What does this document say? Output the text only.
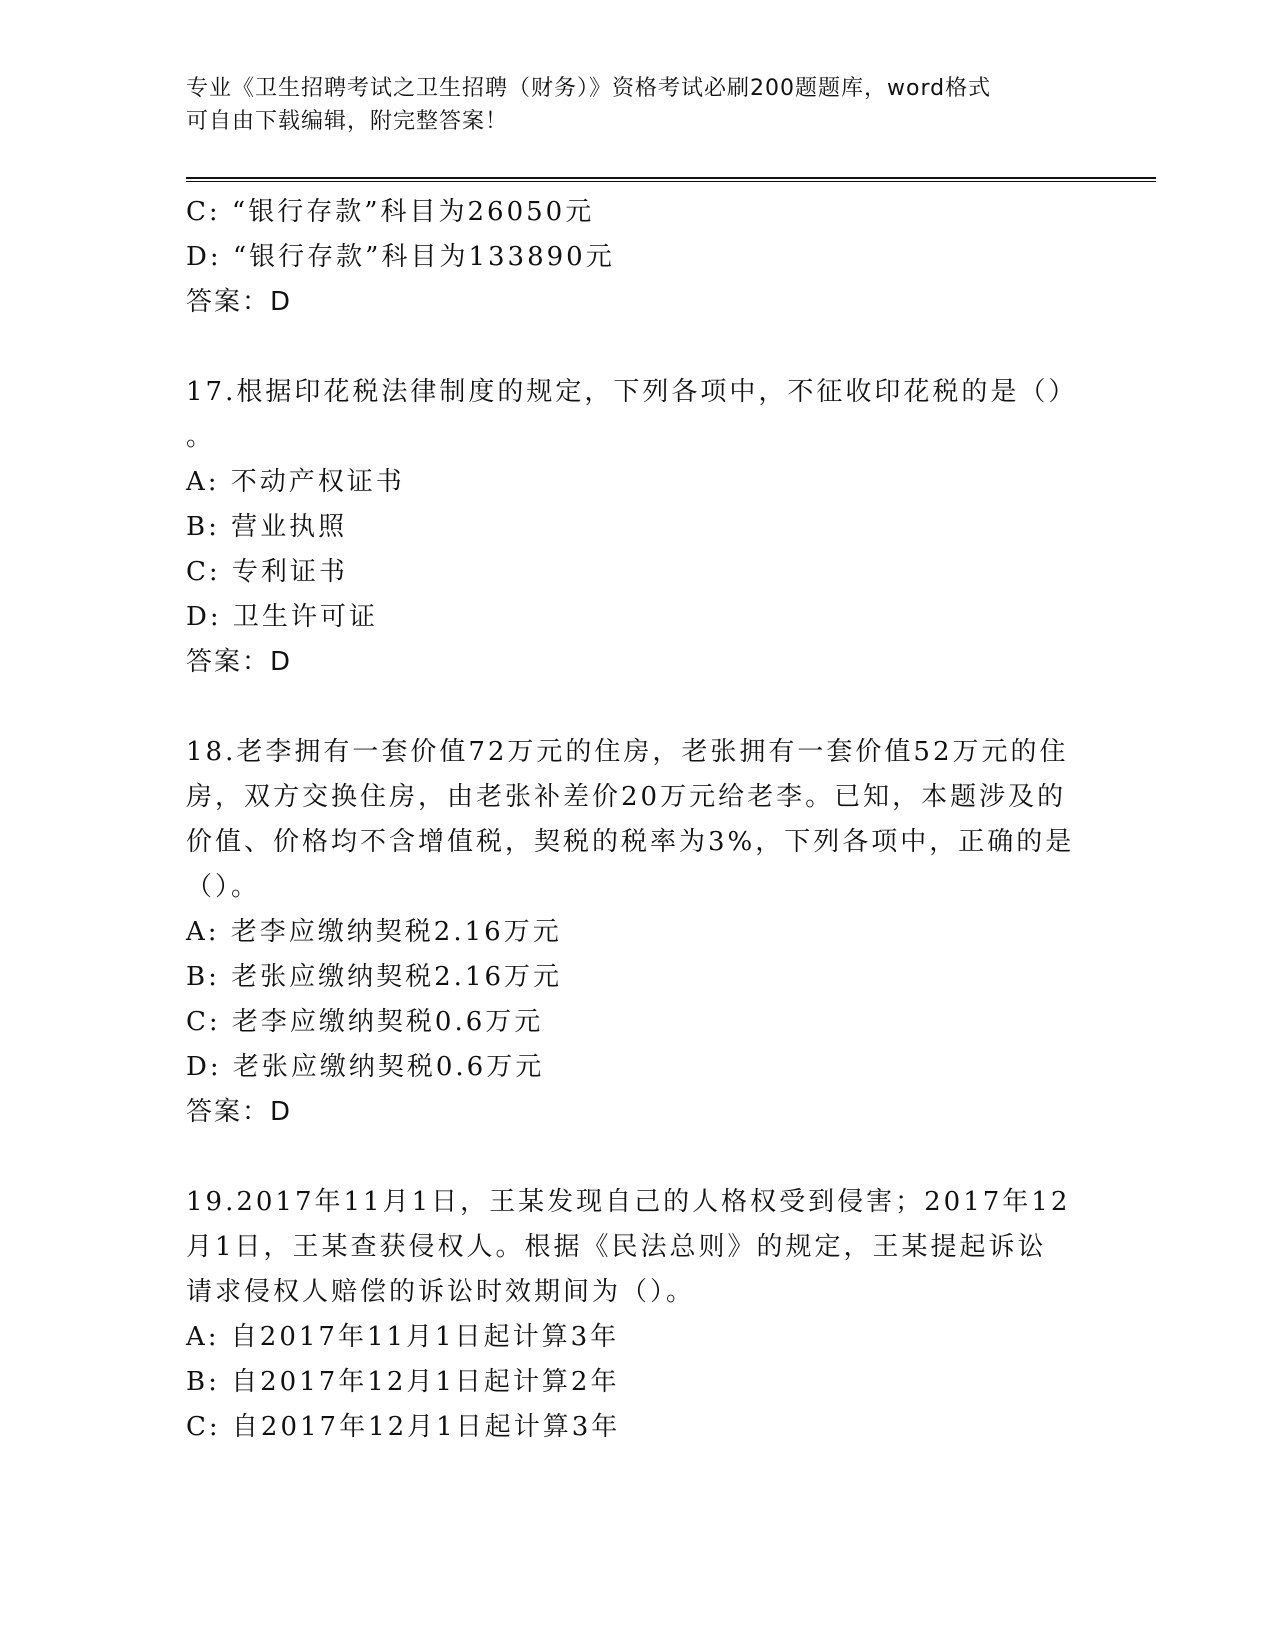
专业《卫生招聘考试之卫生招聘（财务）》资格考试必刷200题题库，word格式
可自由下载编辑，附完整答案！
C: “银行存款”科目为26050元
D: “银行存款”科目为133890元
答案：D
17.根据印花税法律制度的规定，下列各项中，不征收印花税的是（）
。
A: 不动产权证书
B: 营业执照
C: 专利证书
D: 卫生许可证
答案：D
18.老李拥有一套价值72万元的住房，老张拥有一套价值52万元的住
房，双方交换住房，由老张补差价20万元给老李。已知，本题涉及的
价值、价格均不含增值税，契税的税率为3%，下列各项中，正确的是
（）。
A: 老李应缴纳契税2.16万元
B: 老张应缴纳契税2.16万元
C: 老李应缴纳契税0.6万元
D: 老张应缴纳契税0.6万元
答案：D
19.2017年11月1日，王某发现自己的人格权受到侵害；2017年12
月1日，王某查获侵权人。根据《民法总则》的规定，王某提起诉讼
请求侵权人赔偿的诉讼时效期间为（）。
A: 自2017年11月1日起计算3年
B: 自2017年12月1日起计算2年
C: 自2017年12月1日起计算3年
